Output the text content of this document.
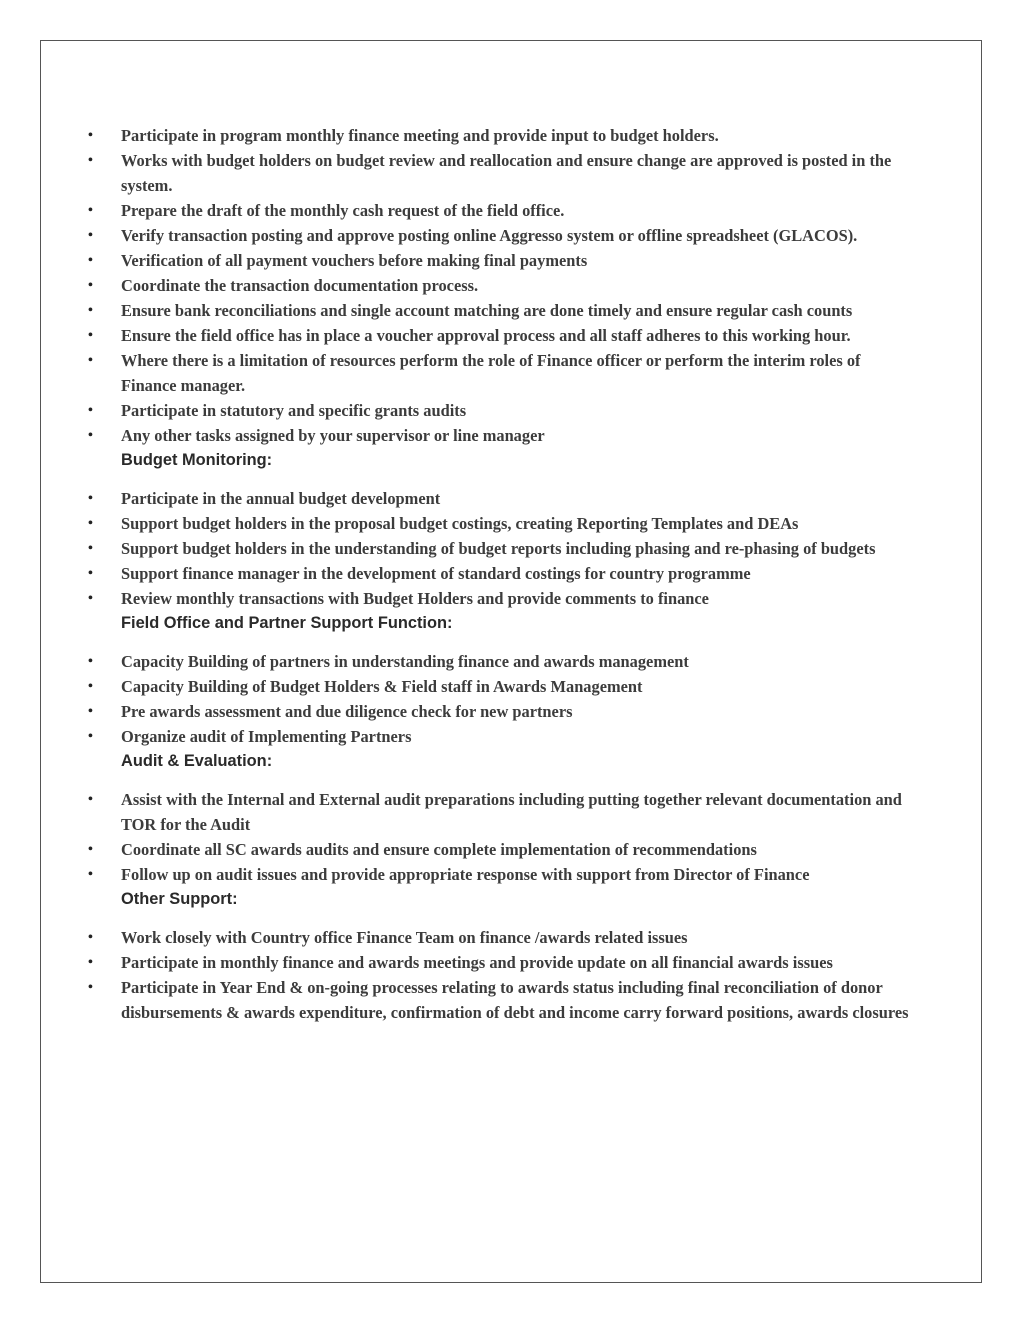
• Participate in program monthly finance meeting and provide input to budget holders.
• Works with budget holders on budget review and reallocation and ensure change are approved is posted in the system.
• Prepare the draft of the monthly cash request of the field office.
• Verify transaction posting and approve posting online Aggresso system or offline spreadsheet (GLACOS).
• Verification of all payment vouchers before making final payments
• Coordinate the transaction documentation process.
• Ensure bank reconciliations and single account matching are done timely and ensure regular cash counts
• Ensure the field office has in place a voucher approval process and all staff adheres to this working hour.
• Where there is a limitation of resources perform the role of Finance officer or perform the interim roles of Finance manager.
• Participate in statutory and specific grants audits
• Any other tasks assigned by your supervisor or line manager
Budget Monitoring:
• Participate in the annual budget development
• Support budget holders in the proposal budget costings, creating Reporting Templates and DEAs
• Support budget holders in the understanding of budget reports including phasing and re-phasing of budgets
• Support finance manager in the development of standard costings for country programme
• Review monthly transactions with Budget Holders and provide comments to finance
Field Office and Partner Support Function:
• Capacity Building of partners in understanding finance and awards management
• Capacity Building of Budget Holders & Field staff in Awards Management
• Pre awards assessment and due diligence check for new partners
• Organize audit of Implementing Partners
Audit & Evaluation:
• Assist with the Internal and External audit preparations including putting together relevant documentation and TOR for the Audit
• Coordinate all SC awards audits and ensure complete implementation of recommendations
• Follow up on audit issues and provide appropriate response with support from Director of Finance
Other Support:
• Work closely with Country office Finance Team on finance /awards related issues
• Participate in monthly finance and awards meetings and provide update on all financial awards issues
• Participate in Year End & on-going processes relating to awards status including final reconciliation of donor disbursements & awards expenditure, confirmation of debt and income carry forward positions, awards closures
